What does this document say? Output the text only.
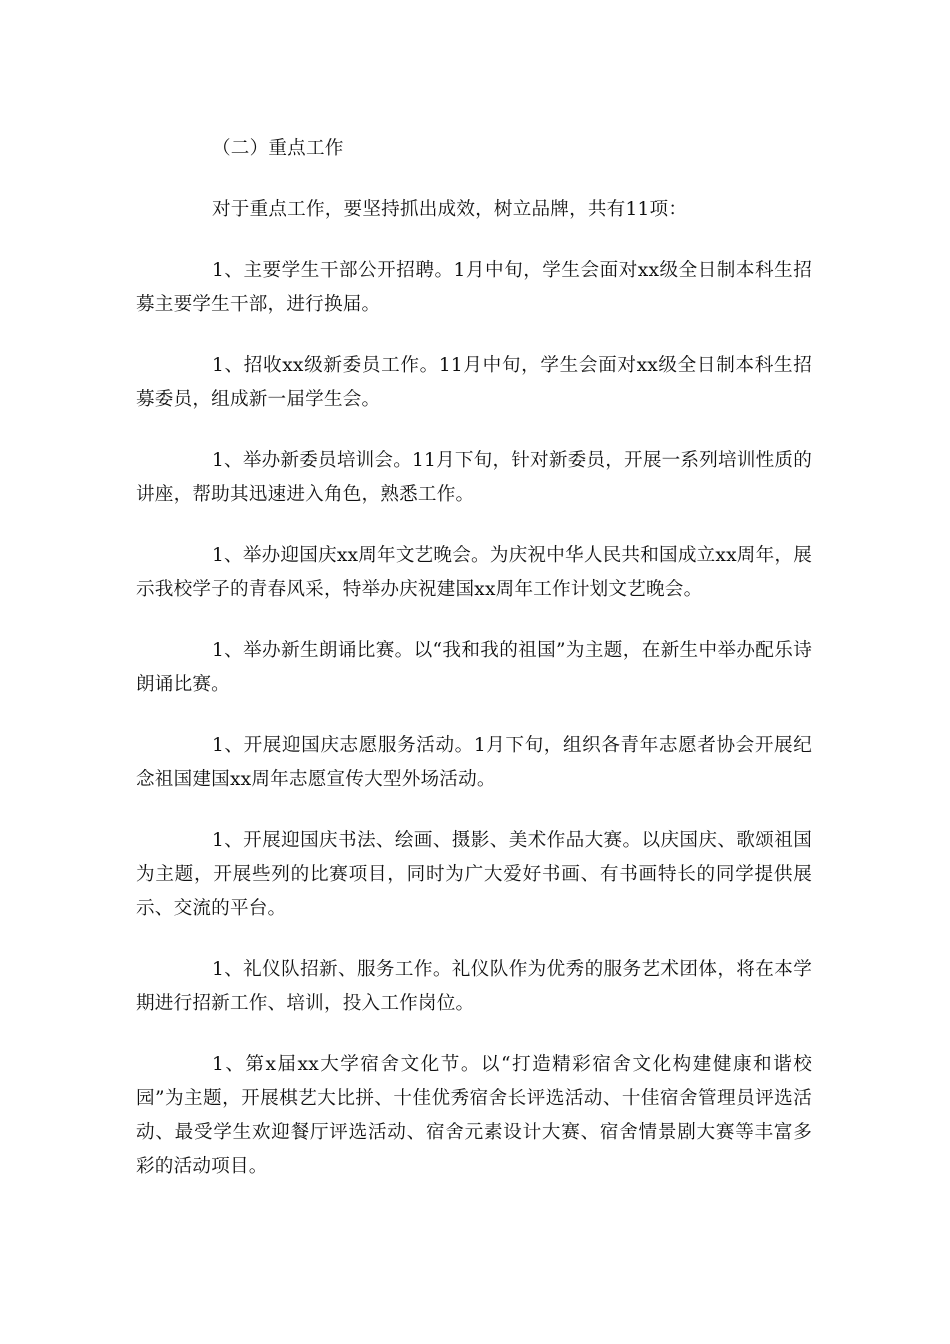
（二）重点工作

对于重点工作，要坚持抓出成效，树立品牌，共有11项：

1、主要学生干部公开招聘。1月中旬，学生会面对xx级全日制本科生招募主要学生干部，进行换届。

1、招收xx级新委员工作。11月中旬，学生会面对xx级全日制本科生招募委员，组成新一届学生会。

1、举办新委员培训会。11月下旬，针对新委员，开展一系列培训性质的讲座，帮助其迅速进入角色，熟悉工作。

1、举办迎国庆xx周年文艺晚会。为庆祝中华人民共和国成立xx周年，展示我校学子的青春风采，特举办庆祝建国xx周年工作计划文艺晚会。

1、举办新生朗诵比赛。以“我和我的祖国”为主题，在新生中举办配乐诗朗诵比赛。

1、开展迎国庆志愿服务活动。1月下旬，组织各青年志愿者协会开展纪念祖国建国xx周年志愿宣传大型外场活动。

1、开展迎国庆书法、绘画、摄影、美术作品大赛。以庆国庆、歌颂祖国为主题，开展些列的比赛项目，同时为广大爱好书画、有书画特长的同学提供展示、交流的平台。

1、礼仪队招新、服务工作。礼仪队作为优秀的服务艺术团体，将在本学期进行招新工作、培训，投入工作岗位。

1、第x届xx大学宿舍文化节。以“打造精彩宿舍文化构建健康和谐校园”为主题，开展棋艺大比拼、十佳优秀宿舍长评选活动、十佳宿舍管理员评选活动、最受学生欢迎餐厅评选活动、宿舍元素设计大赛、宿舍情景剧大赛等丰富多彩的活动项目。
